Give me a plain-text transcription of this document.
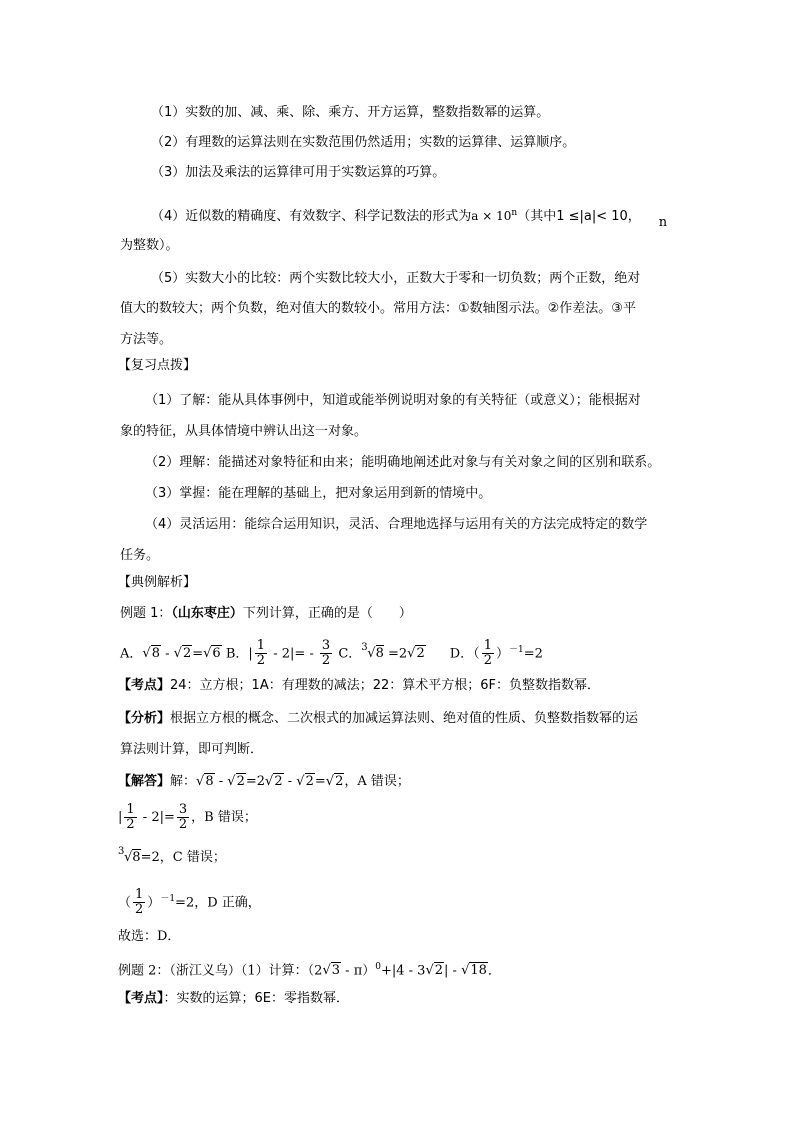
（1）实数的加、减、乘、除、乘方、开方运算，整数指数幂的运算。
（2）有理数的运算法则在实数范围仍然适用；实数的运算律、运算顺序。
（3）加法及乘法的运算律可用于实数运算的巧算。
（4）近似数的精确度、有效数字、科学记数法的形式为$a \times 10^n$（其中1 ≤|a|< 10， n
为整数）。
（5）实数大小的比较：两个实数比较大小，正数大于零和一切负数；两个正数，绝对
值大的数较大；两个负数，绝对值大的数较小。常用方法：①数轴图示法。②作差法。③平
方法等。
【复习点拨】
（1）了解：能从具体事例中，知道或能举例说明对象的有关特征（或意义）；能根据对
象的特征，从具体情境中辨认出这一对象。
（2）理解：能描述对象特征和由来；能明确地阐述此对象与有关对象之间的区别和联系。
（3）掌握：能在理解的基础上，把对象运用到新的情境中。
（4）灵活运用：能综合运用知识，灵活、合理地选择与运用有关的方法完成特定的数学
任务。
【典例解析】
例题 1：（山东枣庄）下列计算，正确的是（　　）
A．√8 - √2=√6 B．| $\frac{1}{2} - 2|= - \frac{3}{2}$ C． 3 √8 =2√2 D．（ $\frac{1}{2} )^{-1}=2$
【考点】24：立方根；1A：有理数的减法；22：算术平方根；6F：负整数指数幂．
【分析】根据立方根的概念、二次根式的加减运算法则、绝对值的性质、负整数指数幂的运
算法则计算，即可判断．
【解答】解：√8 - √2=2√2 - √2=√2，A 错误；
| $\frac{1}{2} - 2|= \frac{3}{2}$ ，B 错误；
3 √8=2，C 错误；
（ $\frac{1}{2} )^{-1}=2$，D 正确，
故选：D．
例题 2：（浙江义乌）（1）计算：（2√3 - π）$^0$+|4 - 3√2| - √18．
【考点】：实数的运算；6E：零指数幂．
